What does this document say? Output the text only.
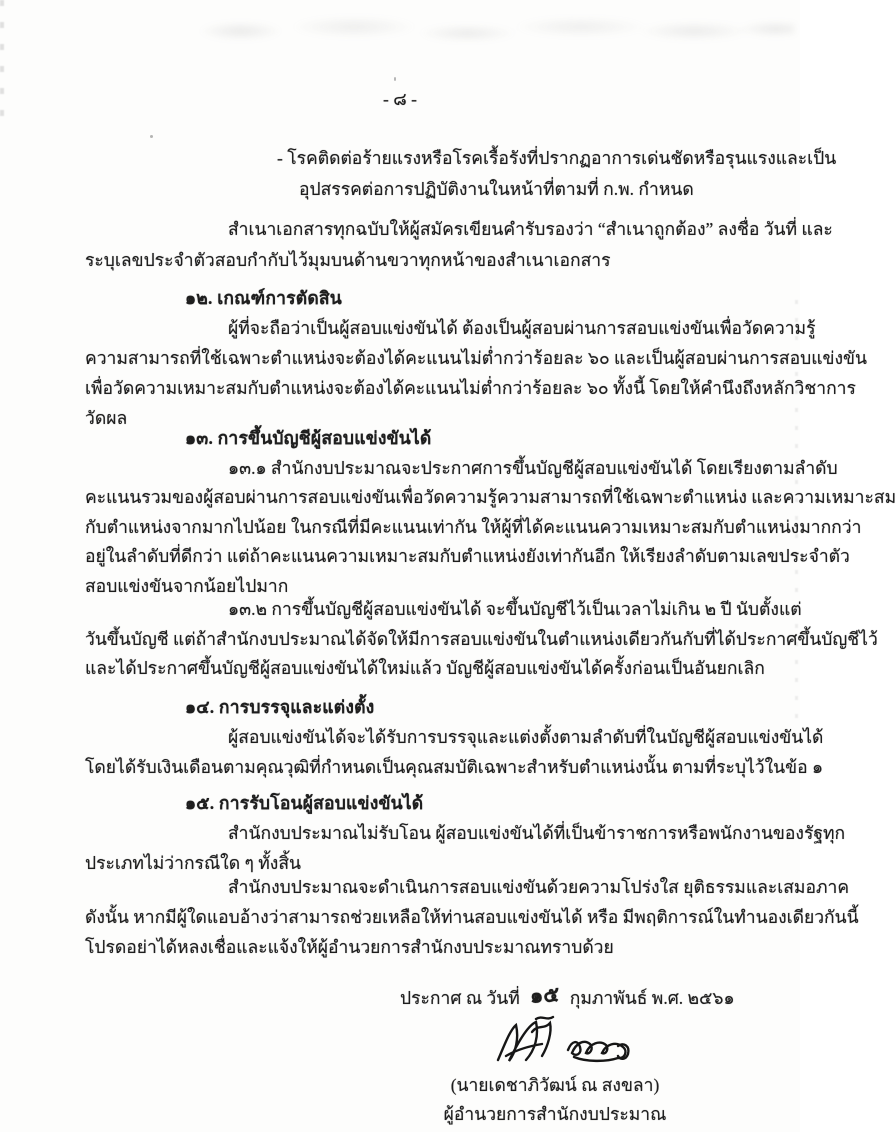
- ๘ -
- โรคติดต่อร้ายแรงหรือโรคเรื้อรังที่ปรากฏอาการเด่นชัดหรือรุนแรงและเป็น
อุปสรรคต่อการปฏิบัติงานในหน้าที่ตามที่ ก.พ. กำหนด
สำเนาเอกสารทุกฉบับให้ผู้สมัครเขียนคำรับรองว่า “สำเนาถูกต้อง” ลงชื่อ วันที่ และ
ระบุเลขประจำตัวสอบกำกับไว้มุมบนด้านขวาทุกหน้าของสำเนาเอกสาร
๑๒. เกณฑ์การตัดสิน
ผู้ที่จะถือว่าเป็นผู้สอบแข่งขันได้ ต้องเป็นผู้สอบผ่านการสอบแข่งขันเพื่อวัดความรู้
ความสามารถที่ใช้เฉพาะตำแหน่งจะต้องได้คะแนนไม่ต่ำกว่าร้อยละ ๖๐ และเป็นผู้สอบผ่านการสอบแข่งขัน
เพื่อวัดความเหมาะสมกับตำแหน่งจะต้องได้คะแนนไม่ต่ำกว่าร้อยละ ๖๐ ทั้งนี้ โดยให้คำนึงถึงหลักวิชาการ
วัดผล
๑๓. การขึ้นบัญชีผู้สอบแข่งขันได้
๑๓.๑ สำนักงบประมาณจะประกาศการขึ้นบัญชีผู้สอบแข่งขันได้ โดยเรียงตามลำดับ
คะแนนรวมของผู้สอบผ่านการสอบแข่งขันเพื่อวัดความรู้ความสามารถที่ใช้เฉพาะตำแหน่ง และความเหมาะสม
กับตำแหน่งจากมากไปน้อย ในกรณีที่มีคะแนนเท่ากัน ให้ผู้ที่ได้คะแนนความเหมาะสมกับตำแหน่งมากกว่า
อยู่ในลำดับที่ดีกว่า แต่ถ้าคะแนนความเหมาะสมกับตำแหน่งยังเท่ากันอีก ให้เรียงลำดับตามเลขประจำตัว
สอบแข่งขันจากน้อยไปมาก
๑๓.๒ การขึ้นบัญชีผู้สอบแข่งขันได้ จะขึ้นบัญชีไว้เป็นเวลาไม่เกิน ๒ ปี นับตั้งแต่
วันขึ้นบัญชี แต่ถ้าสำนักงบประมาณได้จัดให้มีการสอบแข่งขันในตำแหน่งเดียวกันกับที่ได้ประกาศขึ้นบัญชีไว้
และได้ประกาศขึ้นบัญชีผู้สอบแข่งขันได้ใหม่แล้ว บัญชีผู้สอบแข่งขันได้ครั้งก่อนเป็นอันยกเลิก
๑๔. การบรรจุและแต่งตั้ง
ผู้สอบแข่งขันได้จะได้รับการบรรจุและแต่งตั้งตามลำดับที่ในบัญชีผู้สอบแข่งขันได้
โดยได้รับเงินเดือนตามคุณวุฒิที่กำหนดเป็นคุณสมบัติเฉพาะสำหรับตำแหน่งนั้น ตามที่ระบุไว้ในข้อ ๑
๑๕. การรับโอนผู้สอบแข่งขันได้
สำนักงบประมาณไม่รับโอน ผู้สอบแข่งขันได้ที่เป็นข้าราชการหรือพนักงานของรัฐทุก
ประเภทไม่ว่ากรณีใด ๆ ทั้งสิ้น
สำนักงบประมาณจะดำเนินการสอบแข่งขันด้วยความโปร่งใส ยุติธรรมและเสมอภาค
ดังนั้น หากมีผู้ใดแอบอ้างว่าสามารถช่วยเหลือให้ท่านสอบแข่งขันได้ หรือ มีพฤติการณ์ในทำนองเดียวกันนี้
โปรดอย่าได้หลงเชื่อและแจ้งให้ผู้อำนวยการสำนักงบประมาณทราบด้วย
ประกาศ ณ วันที่ ๑๕ กุมภาพันธ์ พ.ศ. ๒๕๖๑
(นายเดชาภิวัฒน์ ณ สงขลา)
ผู้อำนวยการสำนักงบประมาณ
